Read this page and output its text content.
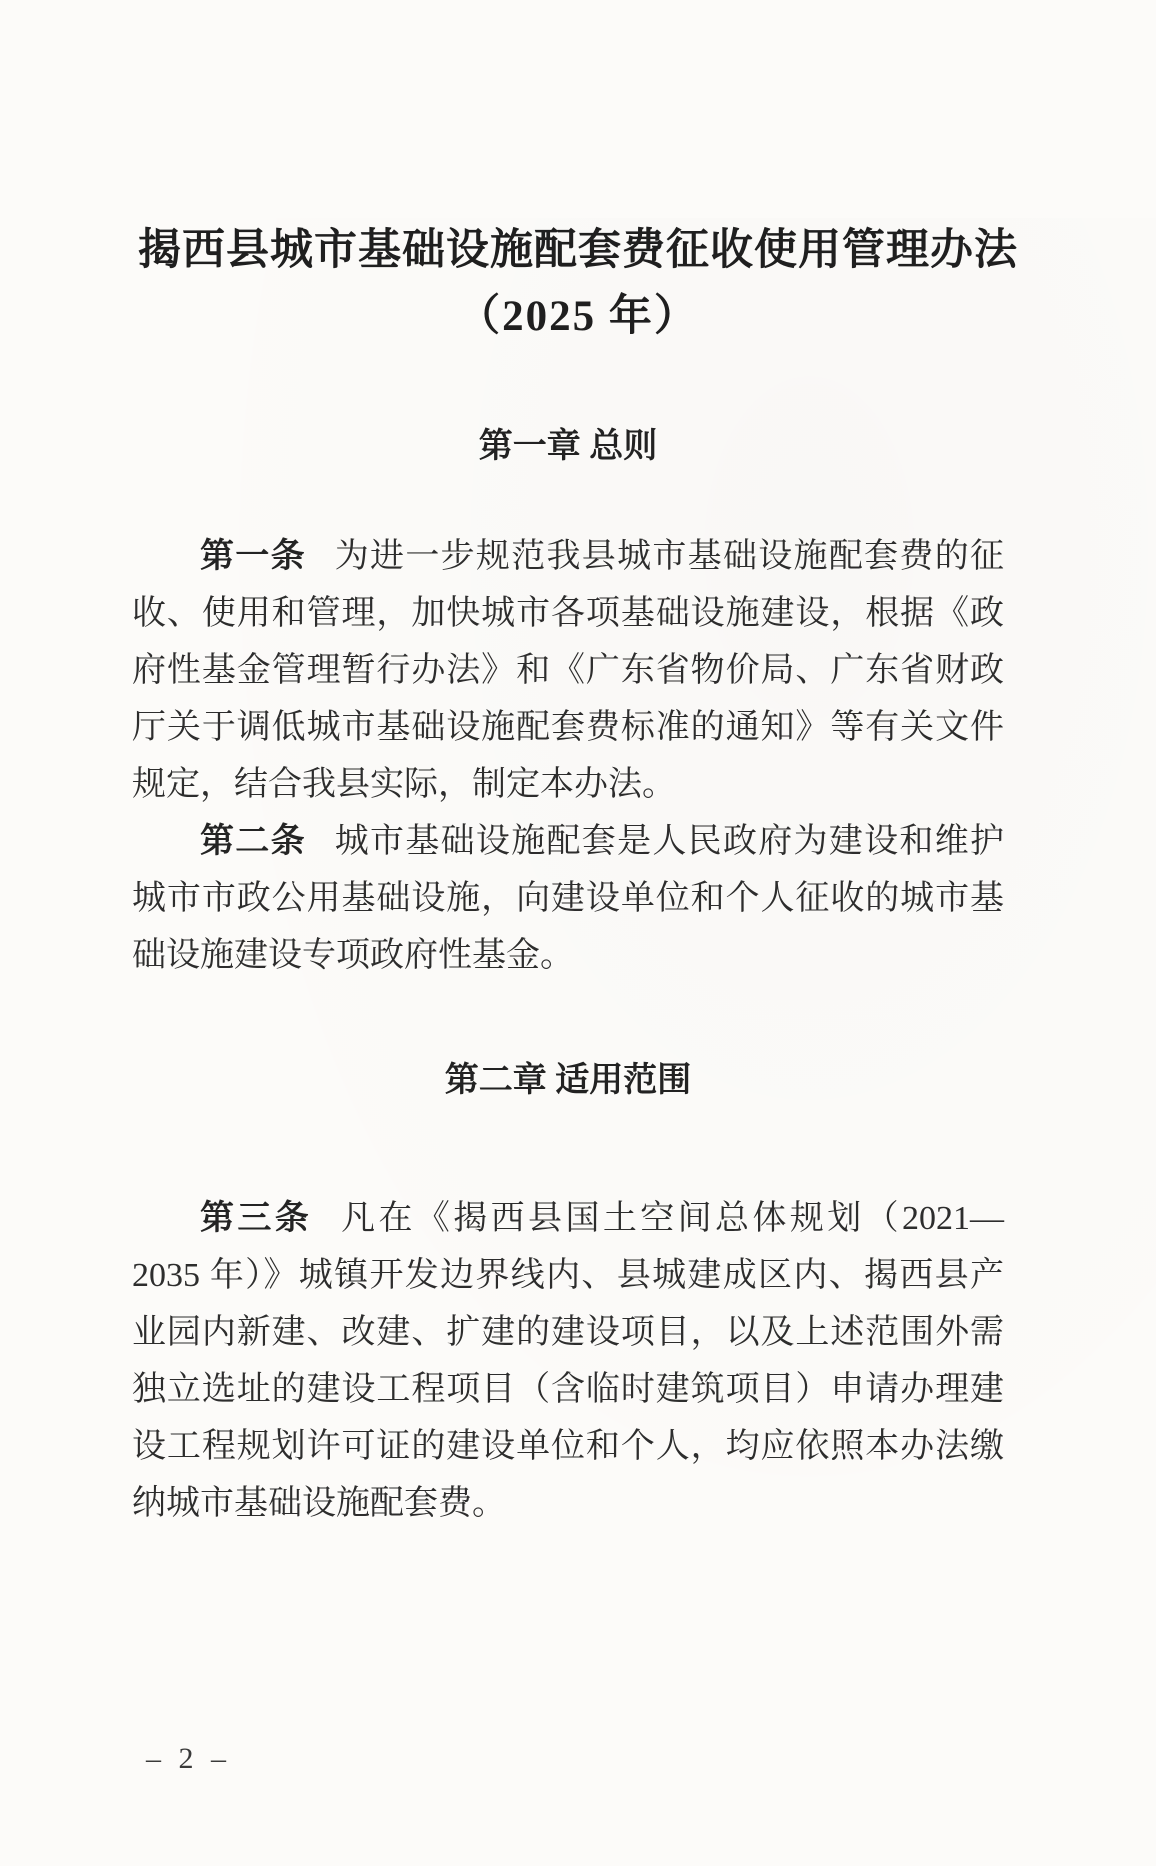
揭西县城市基础设施配套费征收使用管理办法
（2025 年）
第一章 总则

第一条 为进一步规范我县城市基础设施配套费的征收、使用和管理，加快城市各项基础设施建设，根据《政府性基金管理暂行办法》和《广东省物价局、广东省财政厅关于调低城市基础设施配套费标准的通知》等有关文件规定，结合我县实际，制定本办法。

第二条 城市基础设施配套是人民政府为建设和维护城市市政公用基础设施，向建设单位和个人征收的城市基础设施建设专项政府性基金。

第二章 适用范围

第三条 凡在《揭西县国土空间总体规划（2021—2035 年）》城镇开发边界线内、县城建成区内、揭西县产业园内新建、改建、扩建的建设项目，以及上述范围外需独立选址的建设工程项目（含临时建筑项目）申请办理建设工程规划许可证的建设单位和个人，均应依照本办法缴纳城市基础设施配套费。

– 2 –
